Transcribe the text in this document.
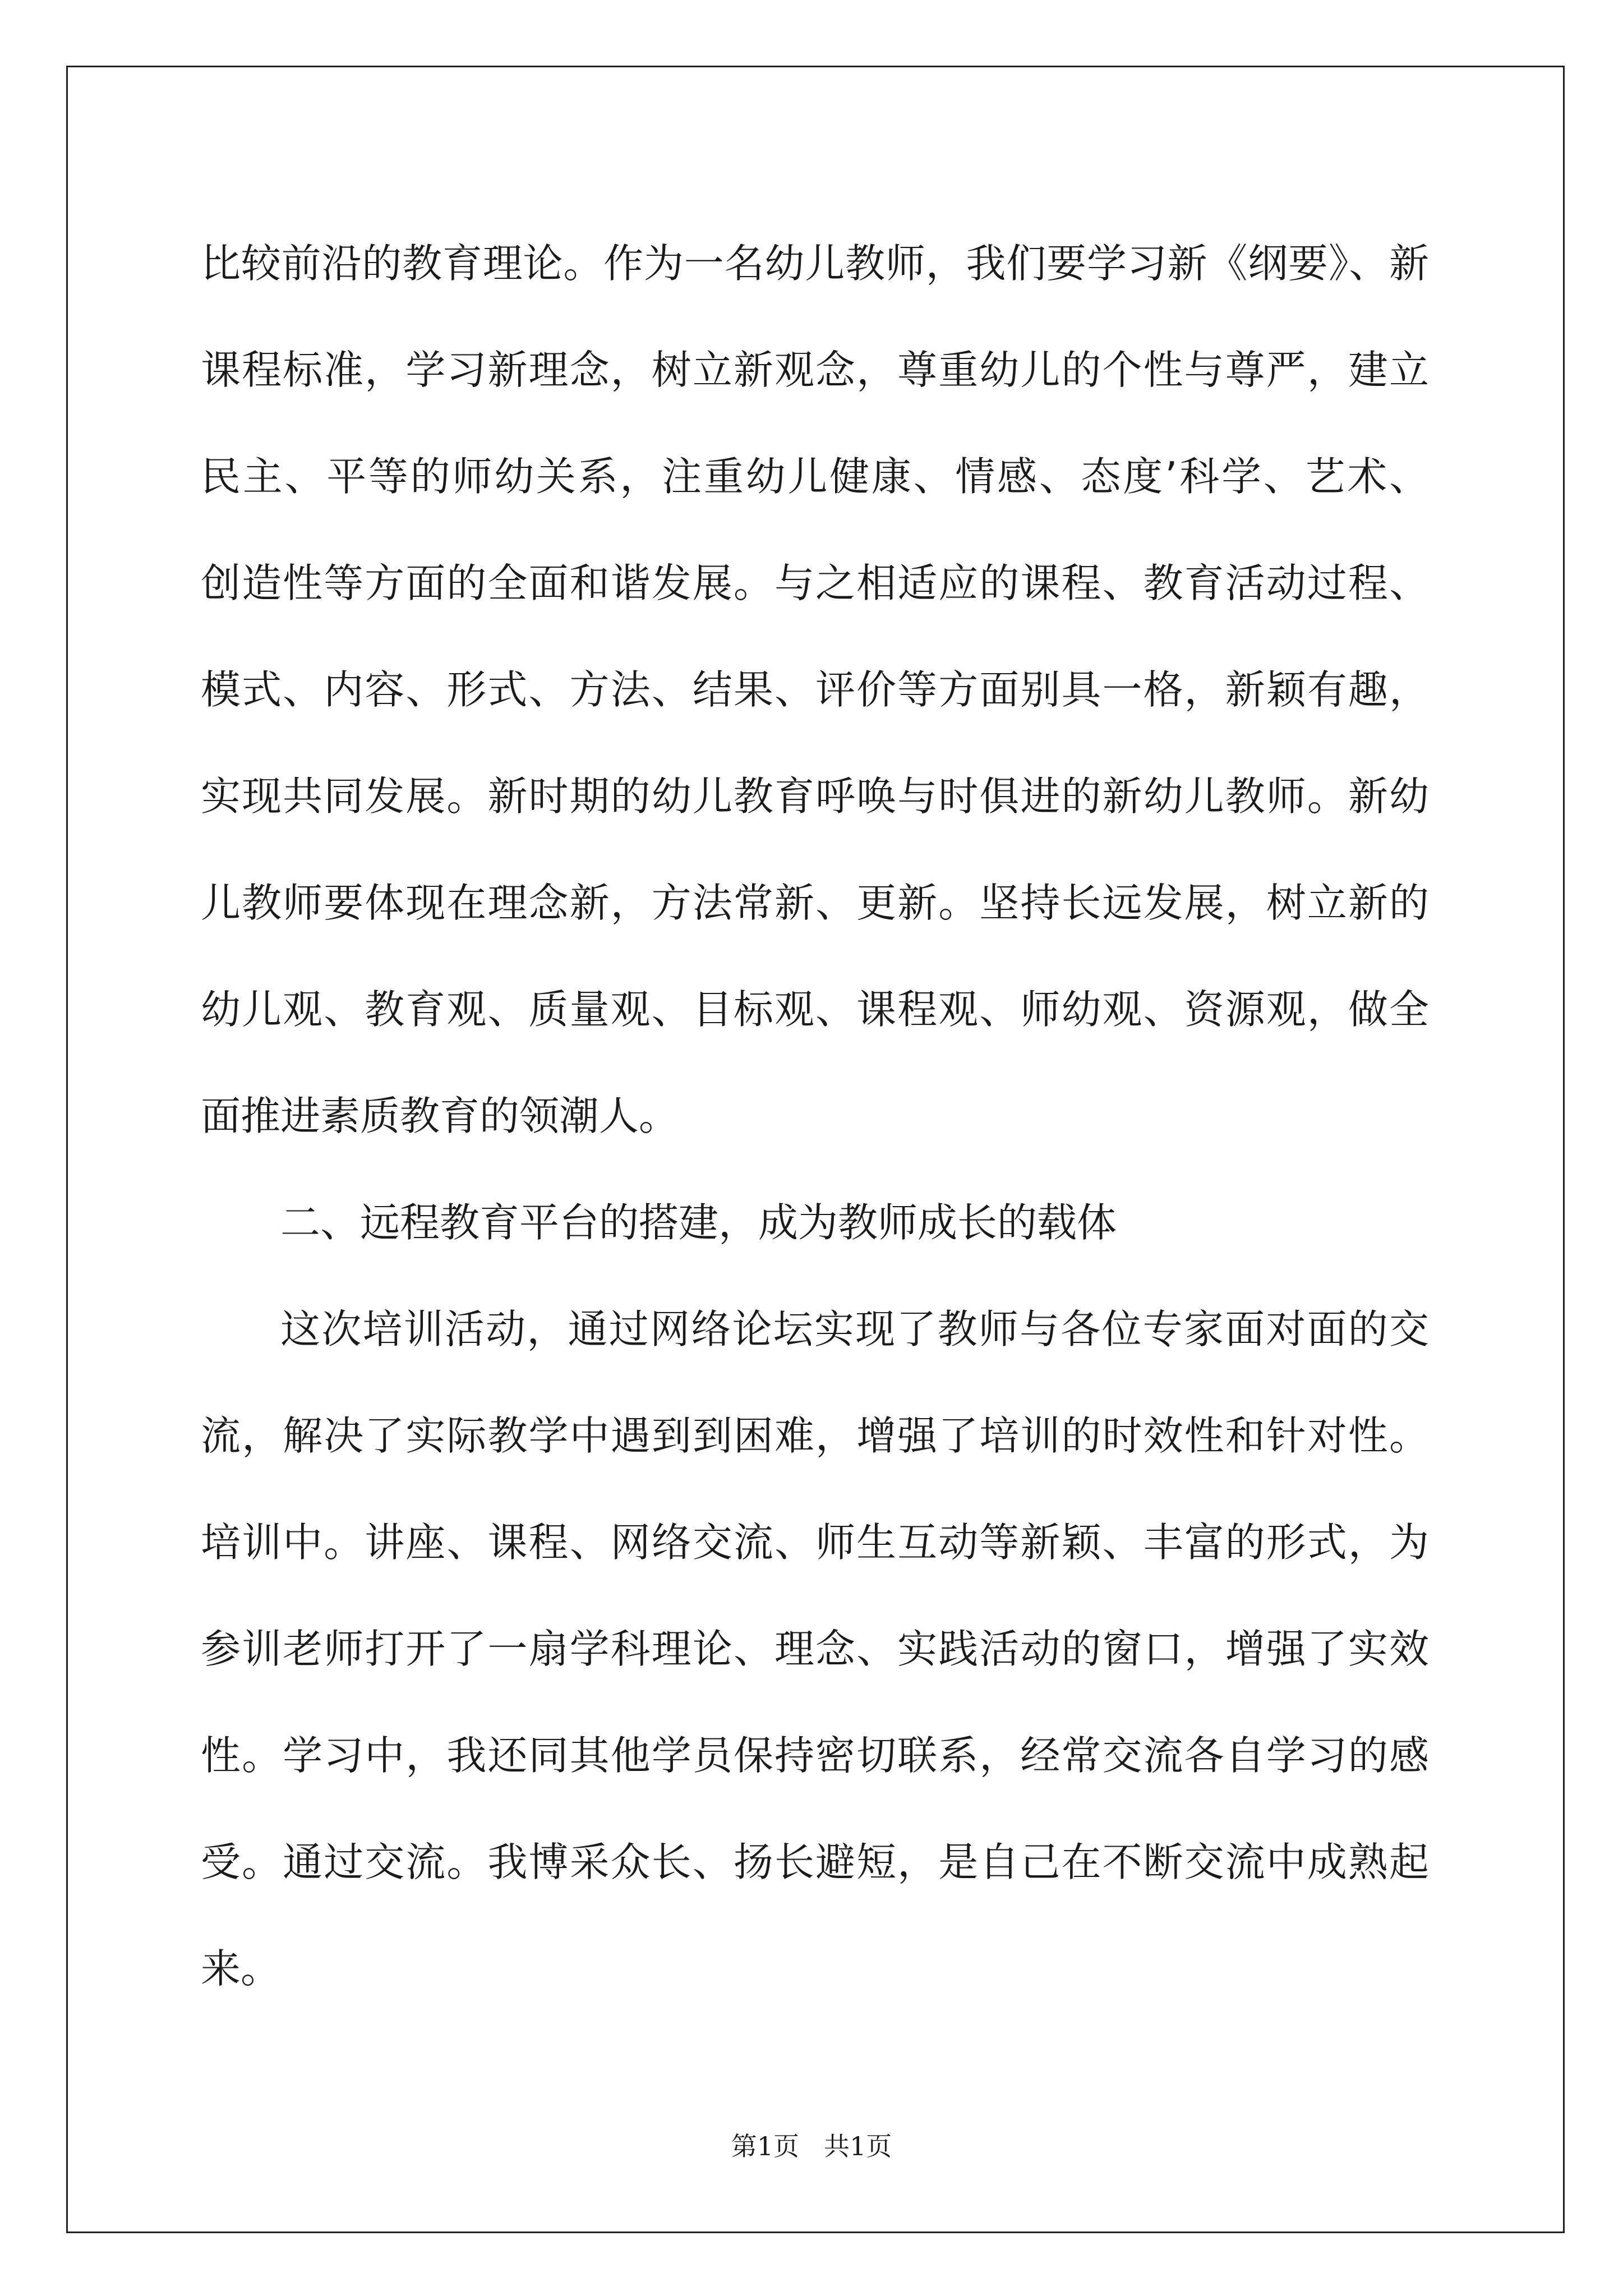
比较前沿的教育理论。作为一名幼儿教师，我们要学习新《纲要》、新
课程标准，学习新理念，树立新观念，尊重幼儿的个性与尊严，建立
民主、平等的师幼关系，注重幼儿健康、情感、态度’科学、艺术、
创造性等方面的全面和谐发展。与之相适应的课程、教育活动过程、
模式、内容、形式、方法、结果、评价等方面别具一格，新颖有趣，
实现共同发展。新时期的幼儿教育呼唤与时俱进的新幼儿教师。新幼
儿教师要体现在理念新，方法常新、更新。坚持长远发展，树立新的
幼儿观、教育观、质量观、目标观、课程观、师幼观、资源观，做全
面推进素质教育的领潮人。
二、远程教育平台的搭建，成为教师成长的载体
这次培训活动，通过网络论坛实现了教师与各位专家面对面的交
流，解决了实际教学中遇到到困难，增强了培训的时效性和针对性。
培训中。讲座、课程、网络交流、师生互动等新颖、丰富的形式，为
参训老师打开了一扇学科理论、理念、实践活动的窗口，增强了实效
性。学习中，我还同其他学员保持密切联系，经常交流各自学习的感
受。通过交流。我博采众长、扬长避短，是自己在不断交流中成熟起
来。
第1页 共1页
